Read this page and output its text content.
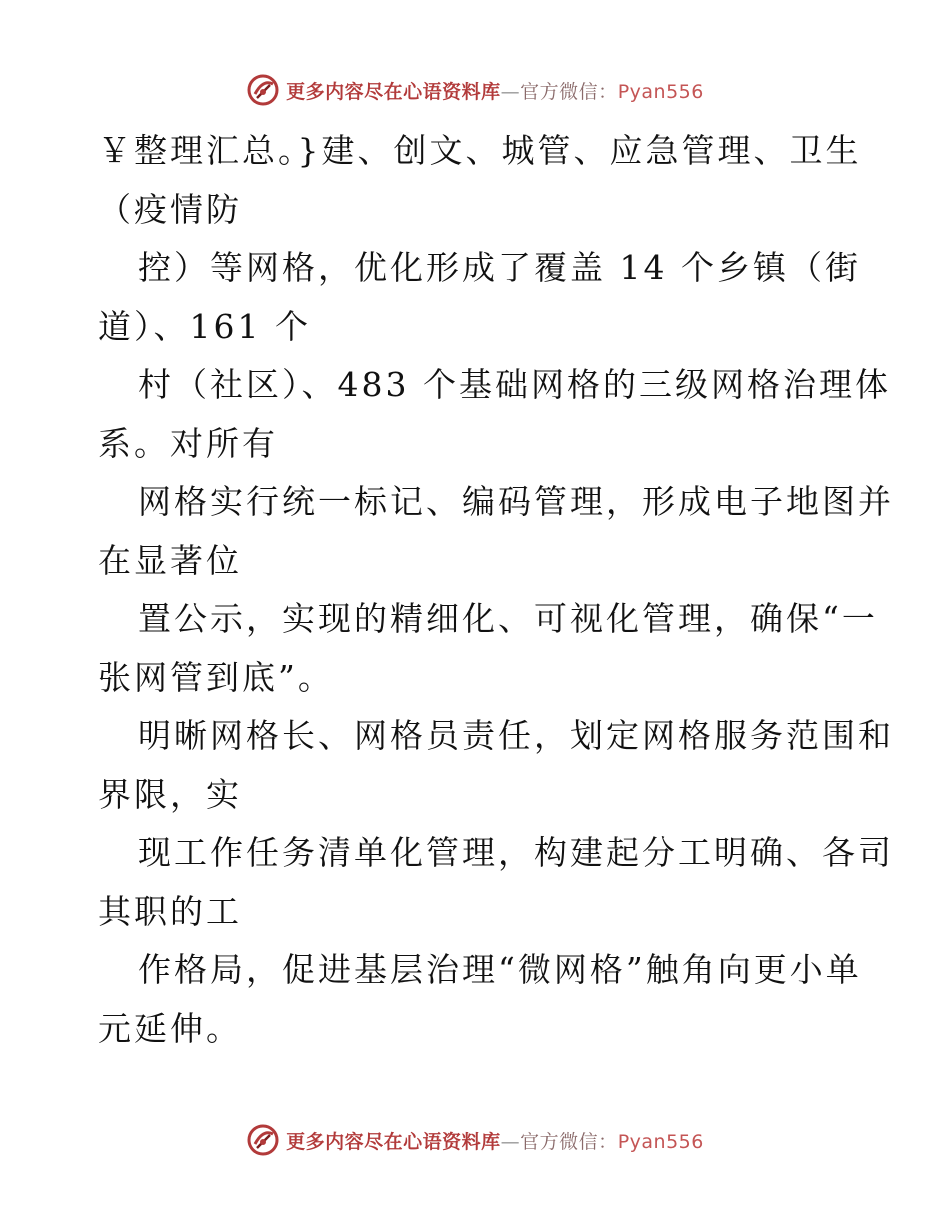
更多内容尽在心语资料库—官方微信：Pyan556
￥整理汇总。}建、创文、城管、应急管理、卫生
（疫情防
控）等网格，优化形成了覆盖 14 个乡镇（街
道）、161 个
村（社区）、483 个基础网格的三级网格治理体
系。对所有
网格实行统一标记、编码管理，形成电子地图并
在显著位
置公示，实现的精细化、可视化管理，确保“一
张网管到底”。
明晰网格长、网格员责任，划定网格服务范围和
界限，实
现工作任务清单化管理，构建起分工明确、各司
其职的工
作格局，促进基层治理“微网格”触角向更小单
元延伸。
更多内容尽在心语资料库—官方微信：Pyan556
